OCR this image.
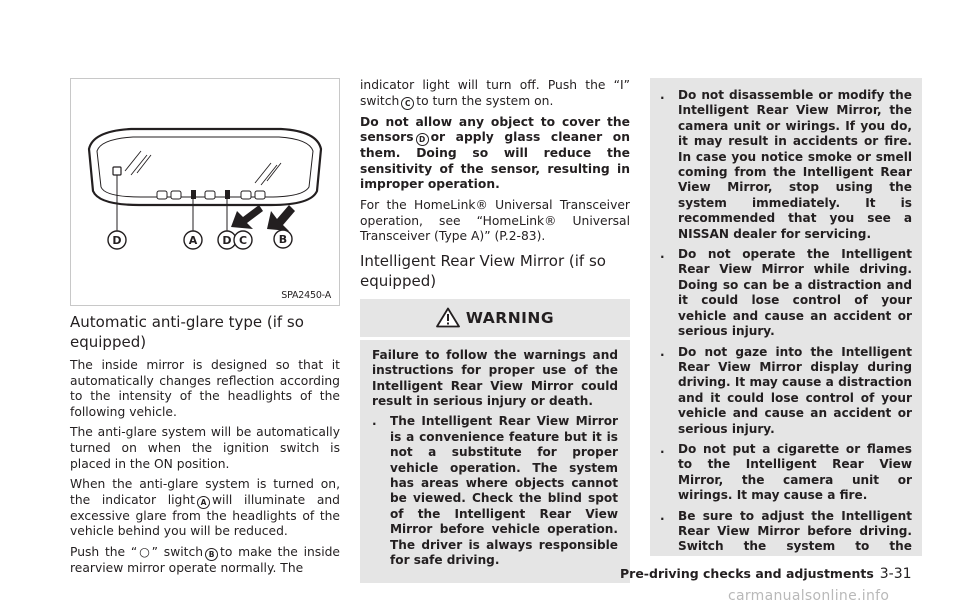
D	A D C	B
SPA2450-A
Automatic anti-glare type (if so equipped)

The inside mirror is designed so that it automatically changes reflection according to the intensity of the headlights of the following vehicle.

The anti-glare system will be automatically turned on when the ignition switch is placed in the ON position.

When the anti-glare system is turned on, the indicator light A will illuminate and excessive glare from the headlights of the vehicle behind you will be reduced.

Push the “○” switch B to make the inside rearview mirror operate normally. The

indicator light will turn off. Push the “I” switch C to turn the system on.

Do not allow any object to cover the sensors D or apply glass cleaner on them. Doing so will reduce the sensitivity of the sensor, resulting in improper operation.

For the HomeLink® Universal Transceiver operation, see “HomeLink® Universal Transceiver (Type A)” (P.2-83).

Intelligent Rear View Mirror (if so equipped)
WARNING

Failure to follow the warnings and instructions for proper use of the Intelligent Rear View Mirror could result in serious injury or death.

.	The Intelligent Rear View Mirror is a convenience feature but it is not a substitute for proper vehicle operation. The system has areas where objects cannot be viewed. Check the blind spot of the Intelligent Rear View Mirror before vehicle operation. The driver is always responsible for safe driving.
.	Do not disassemble or modify the Intelligent Rear View Mirror, the camera unit or wirings. If you do, it may result in accidents or fire. In case you notice smoke or smell coming from the Intelligent Rear View Mirror, stop using the system immediately. It is recommended that you see a NISSAN dealer for servicing.
.	Do not operate the Intelligent Rear View Mirror while driving. Doing so can be a distraction and it could lose control of your vehicle and cause an accident or serious injury.
.	Do not gaze into the Intelligent Rear View Mirror display during driving. It may cause a distraction and it could lose control of your vehicle and cause an accident or serious injury.
.	Do not put a cigarette or flames to the Intelligent Rear View Mirror, the camera unit or wirings. It may cause a fire.
.	Be sure to adjust the Intelligent Rear View Mirror before driving. Switch the system to the
Pre-driving checks and adjustments 3-31
carmanualsonline.info
